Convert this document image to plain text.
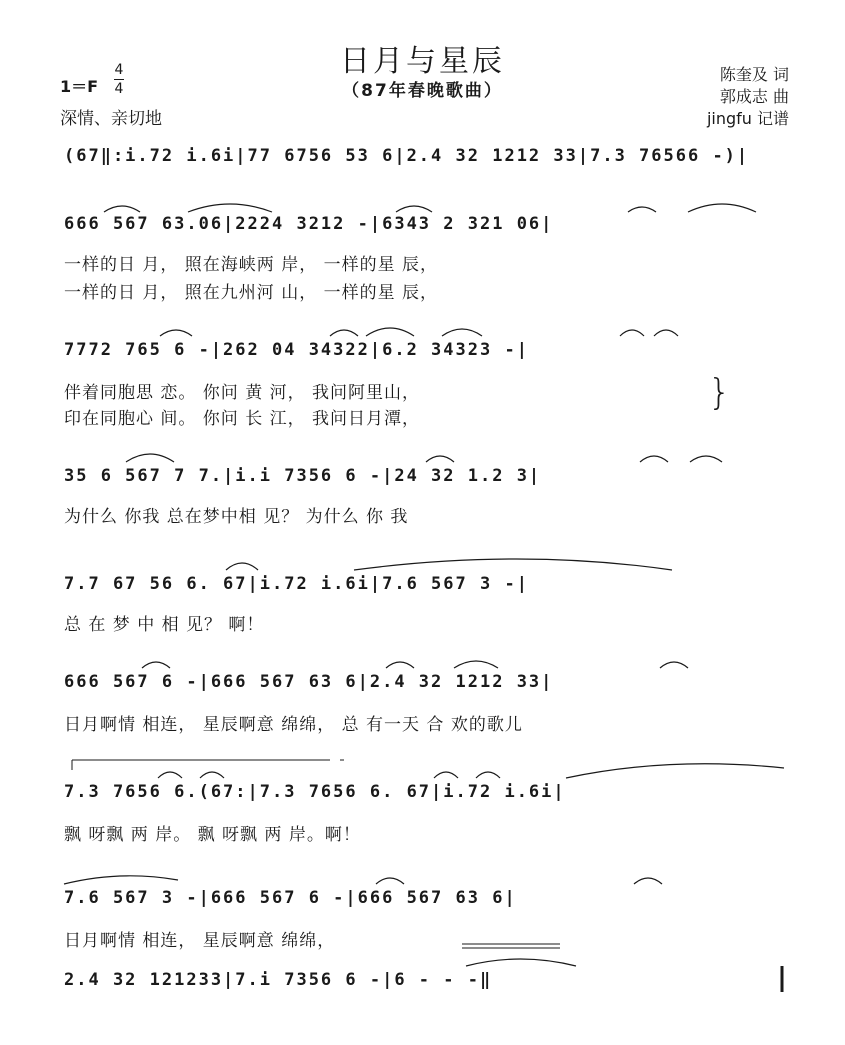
日月与星辰
（87年春晚歌曲）
1＝F
4
4
深情、亲切地
陈奎及 词
郭成志 曲
jingfu 记谱
(67‖:i.72 i.6i|77 6756 53 6|2.4 32 1212 33|7.3 76566 -)|
666 567 63.06|2224 3212 -|6343 2 321 06|
一样的日 月， 照在海峡两 岸， 一样的星 辰，
一样的日 月， 照在九州河 山， 一样的星 辰，
7772 765 6 -|262 04 34322|6.2 34323 -|
伴着同胞思 恋。 你问 黄 河， 我问阿里山，
印在同胞心 间。 你问 长 江， 我问日月潭，
}
35 6 567 7 7.|i.i 7356 6 -|24 32 1.2 3|
为什么 你我 总在梦中相 见？ 为什么 你 我
7.7 67 56 6. 67|i.72 i.6i|7.6 567 3 -|
总 在 梦 中 相 见？ 啊！
666 567 6 -|666 567 63 6|2.4 32 1212 33|
日月啊情 相连， 星辰啊意 绵绵， 总 有一天 合 欢的歌儿
7.3 7656 6.(67:|7.3 7656 6. 67|i.72 i.6i|
飘 呀飘 两 岸。 飘 呀飘 两 岸。啊！
7.6 567 3 -|666 567 6 -|666 567 63 6|
日月啊情 相连， 星辰啊意 绵绵，
2.4 32 121233|7.i 7356 6 -|6 - - -‖
